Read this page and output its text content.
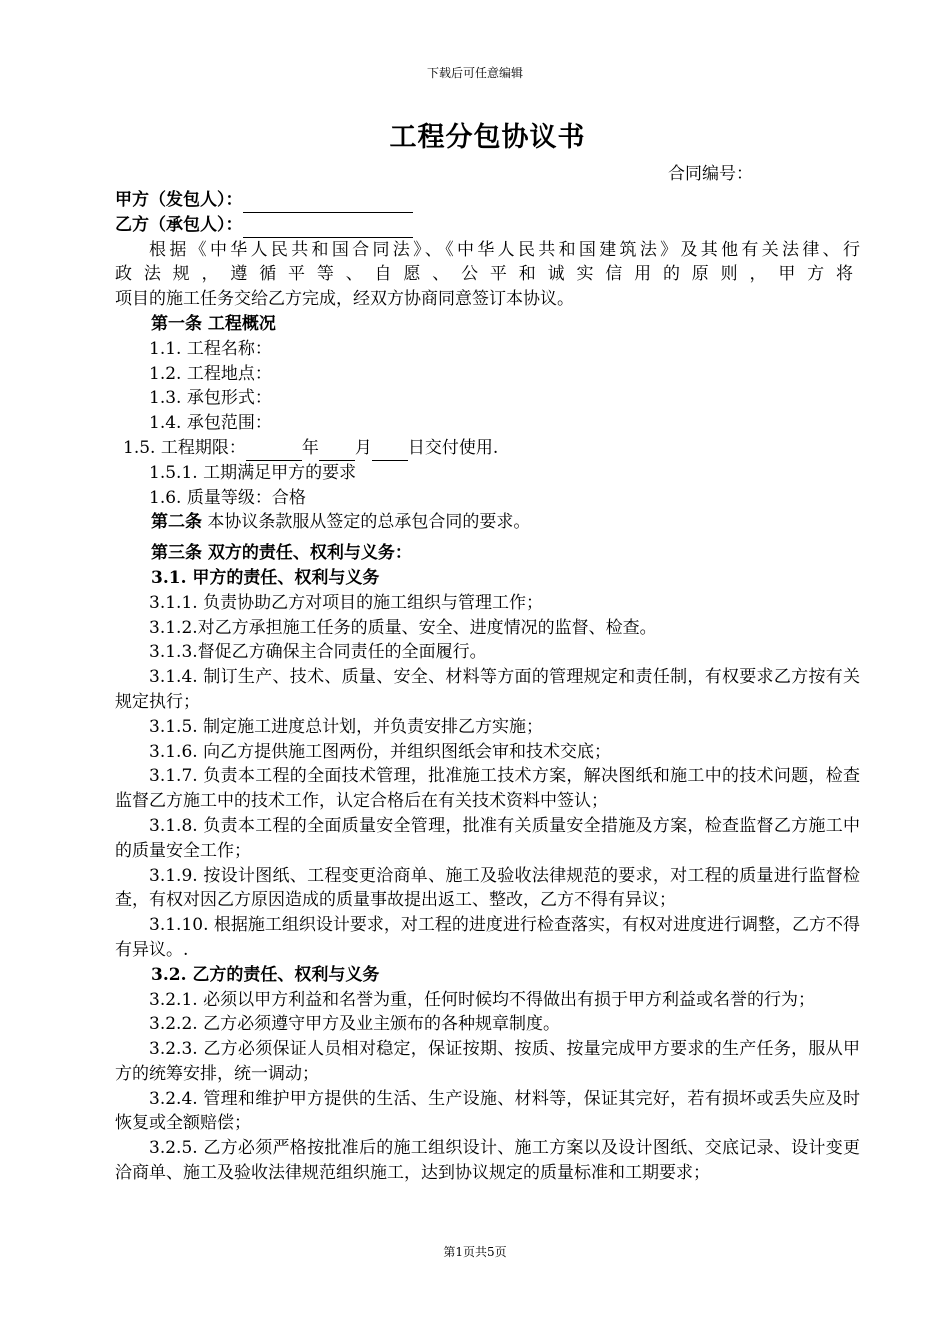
下载后可任意编辑
工程分包协议书
合同编号：
甲方（发包人）：
乙方（承包人）：
根据《中华人民共和国合同法》、《中华人民共和国建筑法》及其他有关法律、行
政法规，遵循平等、自愿、公平和诚实信用的原则，甲方将
项目的施工任务交给乙方完成，经双方协商同意签订本协议。
第一条 工程概况
1.1. 工程名称：
1.2. 工程地点：
1.3. 承包形式：
1.4. 承包范围：
1.5. 工程期限：	年 月 日交付使用.
1.5.1. 工期满足甲方的要求
1.6. 质量等级：合格
第二条 本协议条款服从签定的总承包合同的要求。
第三条 双方的责任、权利与义务：
3.1. 甲方的责任、权利与义务
3.1.1. 负责协助乙方对项目的施工组织与管理工作；
3.1.2.对乙方承担施工任务的质量、安全、进度情况的监督、检查。
3.1.3.督促乙方确保主合同责任的全面履行。
3.1.4. 制订生产、技术、质量、安全、材料等方面的管理规定和责任制，有权要求乙方按有关规定执行；
3.1.5. 制定施工进度总计划，并负责安排乙方实施；
3.1.6. 向乙方提供施工图两份，并组织图纸会审和技术交底；
3.1.7. 负责本工程的全面技术管理，批准施工技术方案，解决图纸和施工中的技术问题，检查监督乙方施工中的技术工作，认定合格后在有关技术资料中签认；
3.1.8. 负责本工程的全面质量安全管理，批准有关质量安全措施及方案，检查监督乙方施工中的质量安全工作；
3.1.9. 按设计图纸、工程变更洽商单、施工及验收法律规范的要求，对工程的质量进行监督检查，有权对因乙方原因造成的质量事故提出返工、整改，乙方不得有异议；
3.1.10. 根据施工组织设计要求，对工程的进度进行检查落实，有权对进度进行调整，乙方不得有异议。.
3.2. 乙方的责任、权利与义务
3.2.1. 必须以甲方利益和名誉为重，任何时候均不得做出有损于甲方利益或名誉的行为；
3.2.2. 乙方必须遵守甲方及业主颁布的各种规章制度。
3.2.3. 乙方必须保证人员相对稳定，保证按期、按质、按量完成甲方要求的生产任务，服从甲方的统筹安排，统一调动；
3.2.4. 管理和维护甲方提供的生活、生产设施、材料等，保证其完好，若有损坏或丢失应及时恢复或全额赔偿；
3.2.5. 乙方必须严格按批准后的施工组织设计、施工方案以及设计图纸、交底记录、设计变更洽商单、施工及验收法律规范组织施工，达到协议规定的质量标准和工期要求；
第1页共5页
